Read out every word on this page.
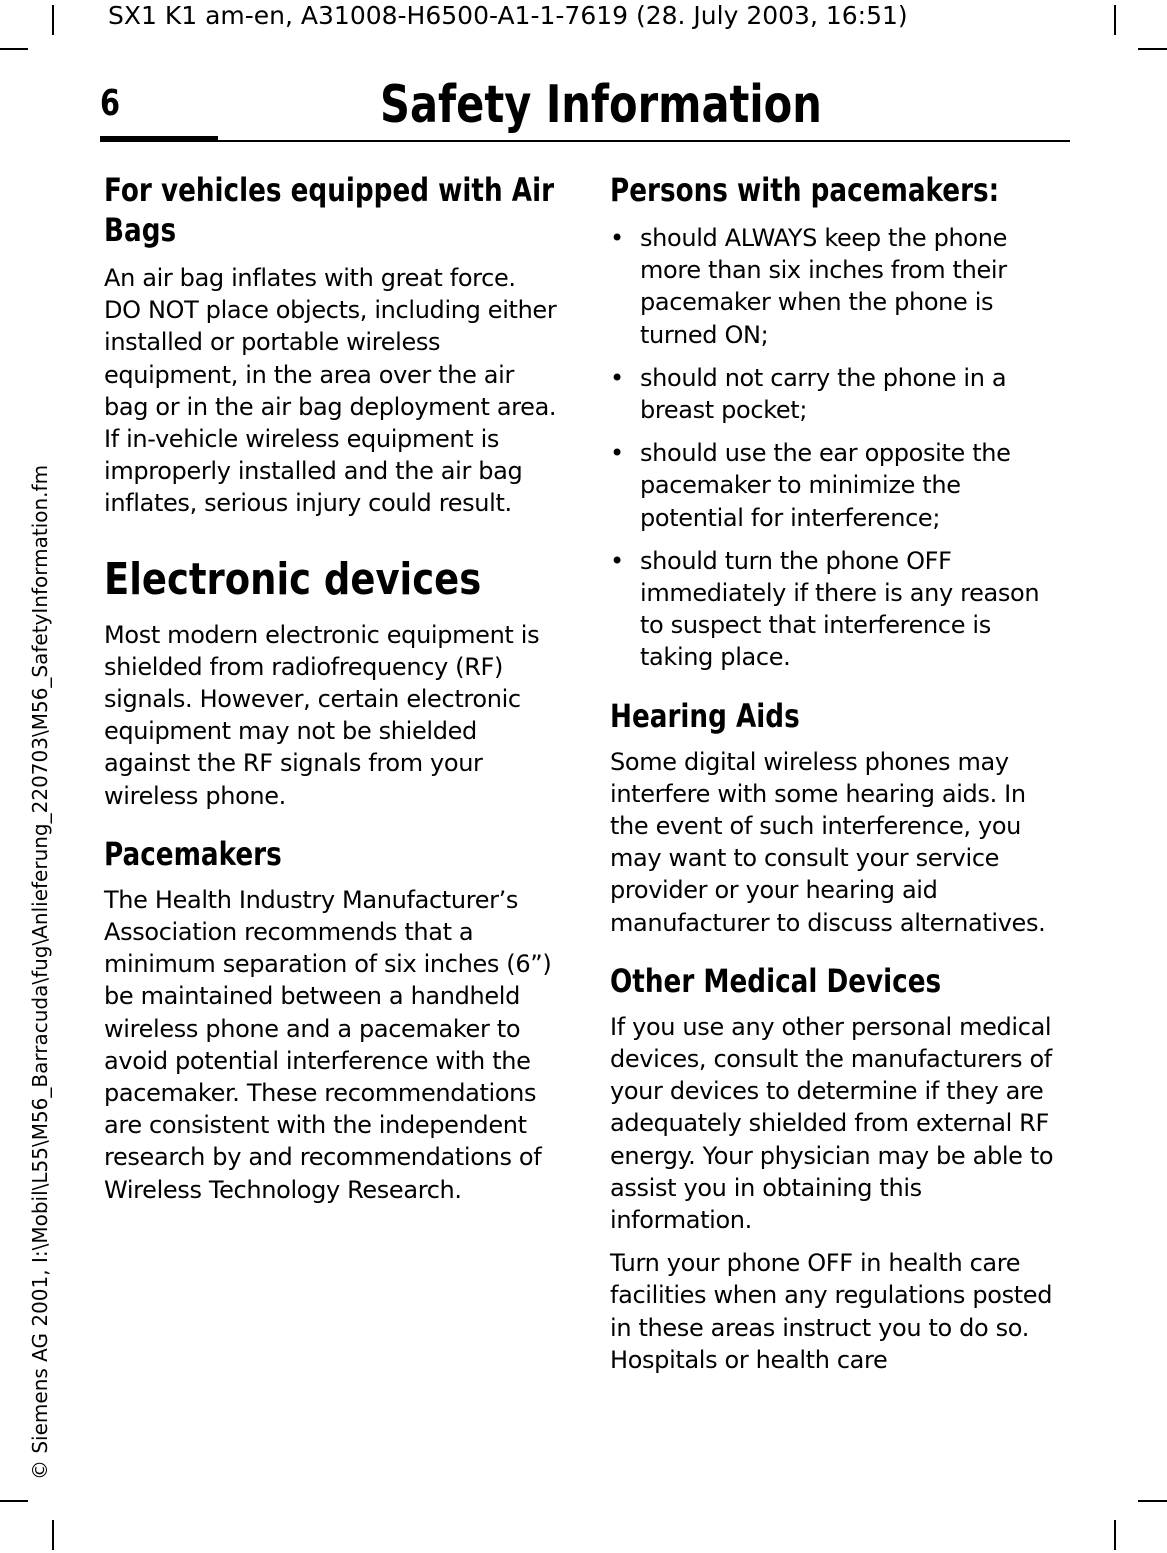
SX1 K1 am-en, A31008-H6500-A1-1-7619 (28. July 2003, 16:51)
© Siemens AG 2001, I:\Mobil\L55\M56_Barracuda\fug\Anlieferung_220703\M56_SafetyInformation.fm
6	Safety Information
For vehicles equipped with Air Bags

An air bag inflates with great force. DO NOT place objects, including either installed or portable wireless equipment, in the area over the air bag or in the air bag deployment area. If in-vehicle wireless equipment is improperly installed and the air bag inflates, serious injury could result.

Electronic devices

Most modern electronic equipment is shielded from radiofrequency (RF) signals. However, certain electronic equipment may not be shielded against the RF signals from your wireless phone.

Pacemakers

The Health Industry Manufacturer’s Association recommends that a minimum separation of six inches (6”) be maintained between a handheld wireless phone and a pacemaker to avoid potential interference with the pacemaker. These recommendations are consistent with the independent research by and recommendations of Wireless Technology Research.

Persons with pacemakers:
• should ALWAYS keep the phone more than six inches from their pacemaker when the phone is turned ON;
• should not carry the phone in a breast pocket;
• should use the ear opposite the pacemaker to minimize the potential for interference;
• should turn the phone OFF immediately if there is any reason to suspect that interference is taking place.
Hearing Aids

Some digital wireless phones may interfere with some hearing aids. In the event of such interference, you may want to consult your service provider or your hearing aid manufacturer to discuss alternatives.

Other Medical Devices

If you use any other personal medical devices, consult the manufacturers of your devices to determine if they are adequately shielded from external RF energy. Your physician may be able to assist you in obtaining this information.

Turn your phone OFF in health care facilities when any regulations posted in these areas instruct you to do so. Hospitals or health care
